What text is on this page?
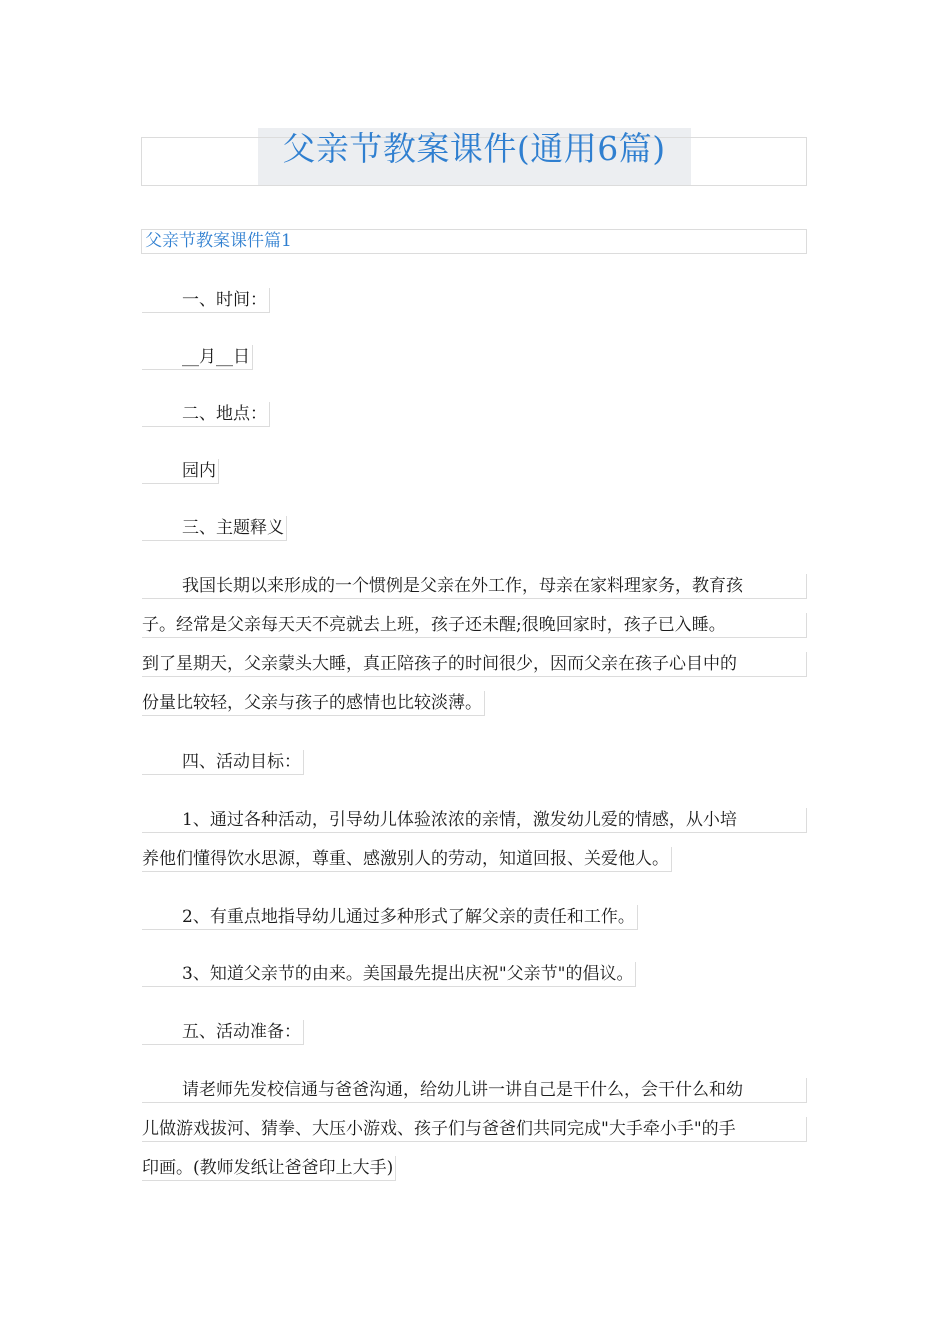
父亲节教案课件(通用6篇)
父亲节教案课件篇1
一、时间：
__月__日
二、地点：
园内
三、主题释义
我国长期以来形成的一个惯例是父亲在外工作，母亲在家料理家务，教育孩
子。经常是父亲每天天不亮就去上班，孩子还未醒;很晚回家时，孩子已入睡。
到了星期天，父亲蒙头大睡，真正陪孩子的时间很少，因而父亲在孩子心目中的
份量比较轻，父亲与孩子的感情也比较淡薄。
四、活动目标：
1、通过各种活动，引导幼儿体验浓浓的亲情，激发幼儿爱的情感，从小培
养他们懂得饮水思源，尊重、感激别人的劳动，知道回报、关爱他人。
2、有重点地指导幼儿通过多种形式了解父亲的责任和工作。
3、知道父亲节的由来。美国最先提出庆祝"父亲节"的倡议。
五、活动准备：
请老师先发校信通与爸爸沟通，给幼儿讲一讲自己是干什么，会干什么和幼
儿做游戏拔河、猜拳、大压小游戏、孩子们与爸爸们共同完成"大手牵小手"的手
印画。(教师发纸让爸爸印上大手)
